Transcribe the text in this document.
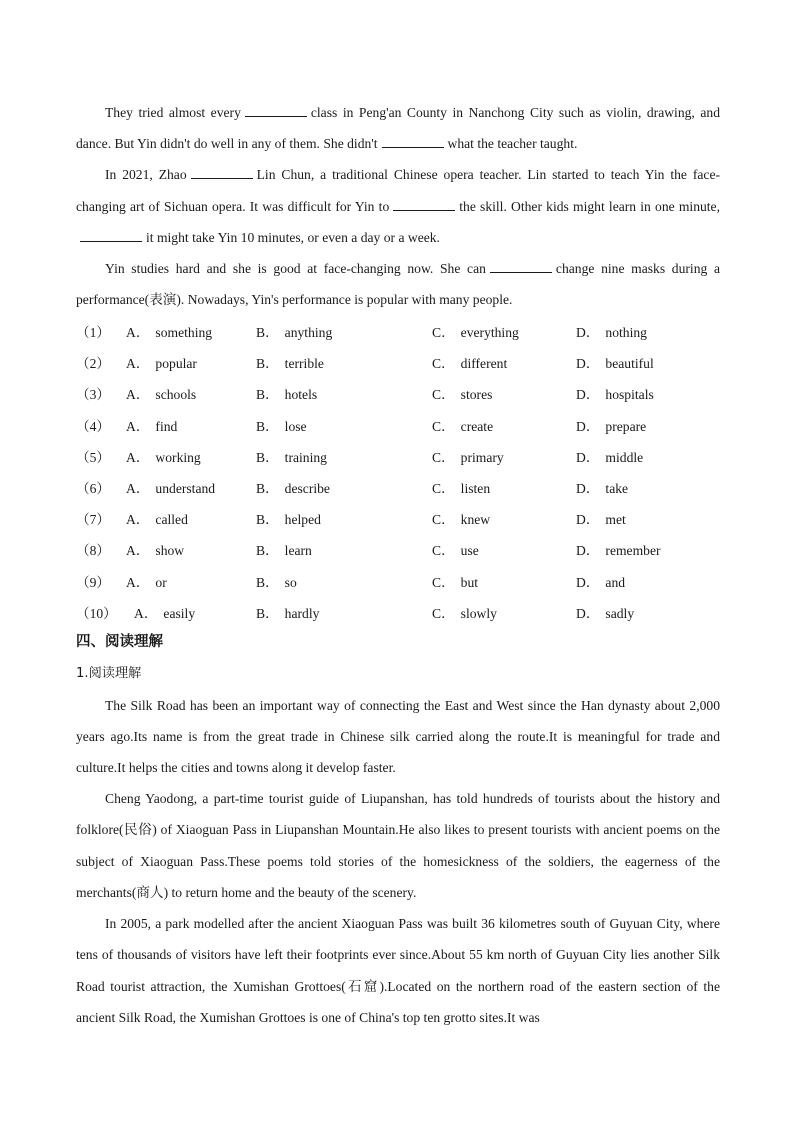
They tried almost every	class in Peng'an County in Nanchong City such as violin, drawing, and dance. But Yin didn't do well in any of them. She didn't	what the teacher taught.

In 2021, Zhao	Lin Chun, a traditional Chinese opera teacher. Lin started to teach Yin the face-changing art of Sichuan opera. It was difficult for Yin to	the skill. Other kids might learn in one minute,it might take Yin 10 minutes, or even a day or a week.

Yin studies hard and she is good at face-changing now. She can	change nine masks during a performance(表演). Nowadays, Yin's performance is popular with many people.

（1）	A． something	B． anything	C． everything	D． nothing
（2）	A． popular	B． terrible	C． different	D． beautiful
（3）	A． schools	B． hotels	C． stores	D． hospitals
（4）	A． find	B． lose	C． create	D． prepare
（5）	A． working	B． training	C． primary	D． middle
（6）	A． understand	B． describe	C． listen	D． take
（7）	A． called	B． helped	C． knew	D． met
（8）	A． show	B． learn	C． use	D． remember
（9）	A． or	B． so	C． but	D． and
（10）	A． easily	B． hardly	C． slowly	D． sadly

四、阅读理解

1.阅读理解

The Silk Road has been an important way of connecting the East and West since the Han dynasty about 2,000 years ago.Its name is from the great trade in Chinese silk carried along the route.It is meaningful for trade and culture.It helps the cities and towns along it develop faster.

Cheng Yaodong, a part-time tourist guide of Liupanshan, has told hundreds of tourists about the history and folklore(民俗) of Xiaoguan Pass in Liupanshan Mountain.He also likes to present tourists with ancient poems on the subject of Xiaoguan Pass.These poems told stories of the homesickness of the soldiers, the eagerness of the merchants(商人) to return home and the beauty of the scenery.

In 2005, a park modelled after the ancient Xiaoguan Pass was built 36 kilometres south of Guyuan City, where tens of thousands of visitors have left their footprints ever since.About 55 km north of Guyuan City lies another Silk Road tourist attraction, the Xumishan Grottoes(石窟).Located on the northern road of the eastern section of the ancient Silk Road, the Xumishan Grottoes is one of China's top ten grotto sites.It was
